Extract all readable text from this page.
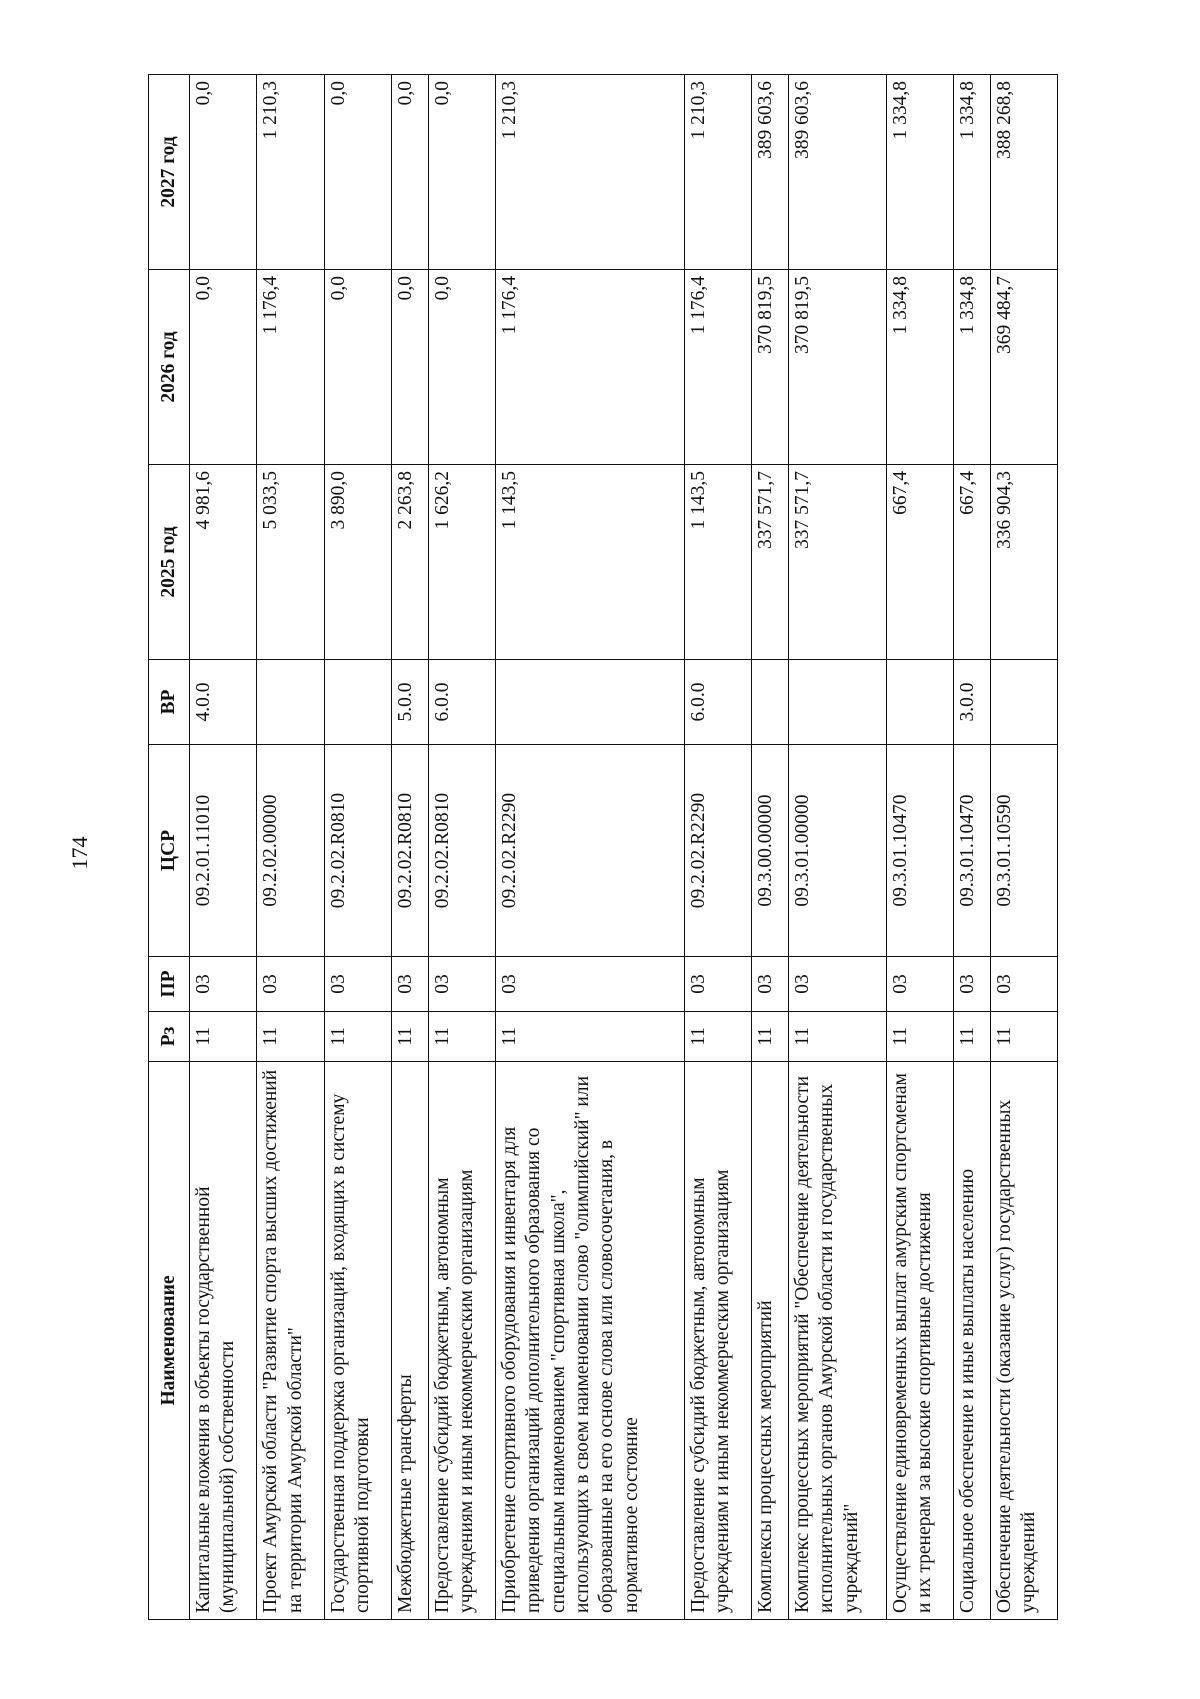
174
Наименование	Рз	ПР	ЦСР	ВР	2025 год	2026 год	2027 год
Капитальные вложения в объекты государственной (муниципальной) собственности	11	03	09.2.01.11010	4.0.0	4 981,6	0,0	0,0
Проект Амурской области "Развитие спорта высших достижений на территории Амурской области"	11	03	09.2.02.00000		5 033,5	1 176,4	1 210,3
Государственная поддержка организаций, входящих в систему спортивной подготовки	11	03	09.2.02.R0810		3 890,0	0,0	0,0
Межбюджетные трансферты	11	03	09.2.02.R0810	5.0.0	2 263,8	0,0	0,0
Предоставление субсидий бюджетным, автономным учреждениям и иным некоммерческим организациям	11	03	09.2.02.R0810	6.0.0	1 626,2	0,0	0,0
Приобретение спортивного оборудования и инвентаря для приведения организаций дополнительного образования со специальным наименованием "спортивная школа", использующих в своем наименовании слово "олимпийский" или образованные на его основе слова или словосочетания, в нормативное состояние	11	03	09.2.02.R2290		1 143,5	1 176,4	1 210,3
Предоставление субсидий бюджетным, автономным учреждениям и иным некоммерческим организациям	11	03	09.2.02.R2290	6.0.0	1 143,5	1 176,4	1 210,3
Комплексы процессных мероприятий	11	03	09.3.00.00000		337 571,7	370 819,5	389 603,6
Комплекс процессных мероприятий "Обеспечение деятельности исполнительных органов Амурской области и государственных учреждений"	11	03	09.3.01.00000		337 571,7	370 819,5	389 603,6
Осуществление единовременных выплат амурским спортсменам и их тренерам за высокие спортивные достижения	11	03	09.3.01.10470		667,4	1 334,8	1 334,8
Социальное обеспечение и иные выплаты населению	11	03	09.3.01.10470	3.0.0	667,4	1 334,8	1 334,8
Обеспечение деятельности (оказание услуг) государственных учреждений	11	03	09.3.01.10590		336 904,3	369 484,7	388 268,8
